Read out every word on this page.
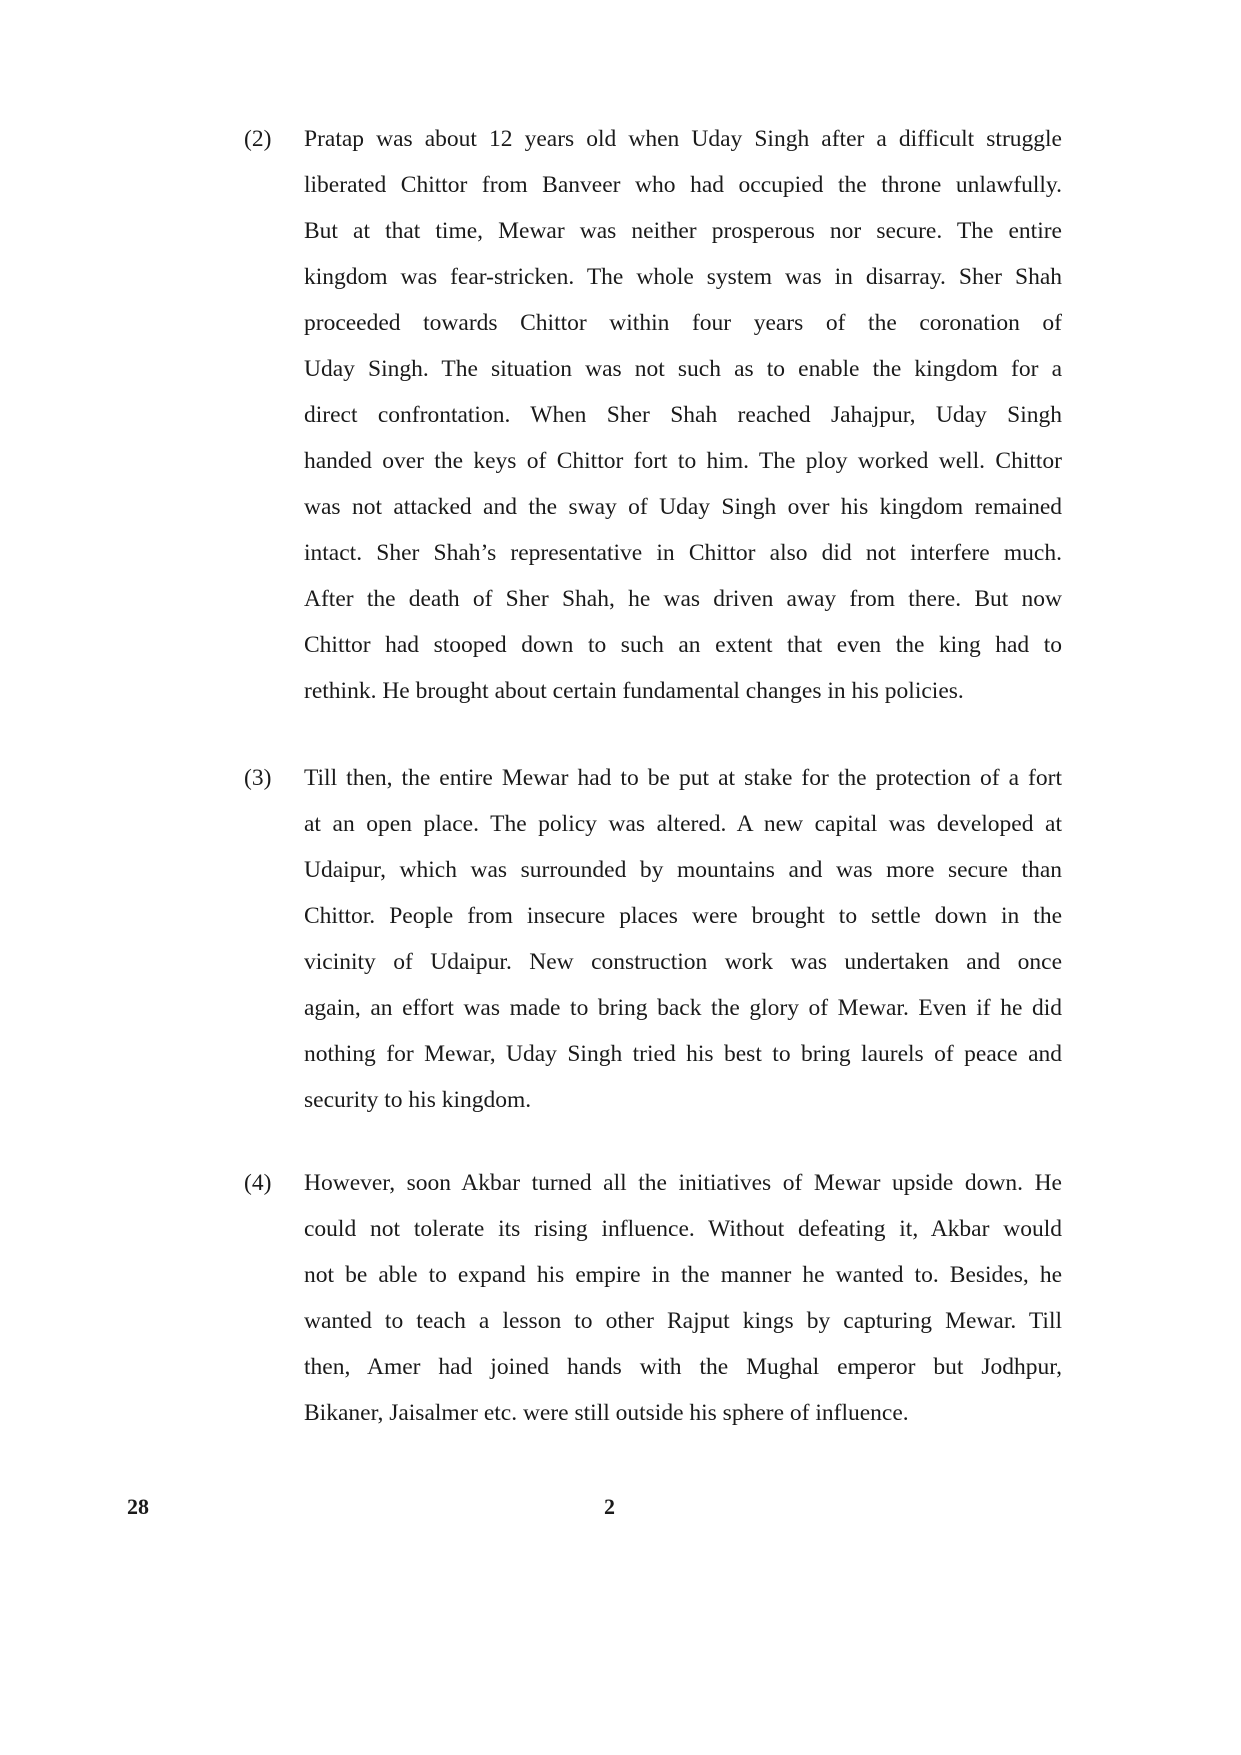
(2) Pratap was about 12 years old when Uday Singh after a difficult struggle
liberated Chittor from Banveer who had occupied the throne unlawfully.
But at that time, Mewar was neither prosperous nor secure. The entire
kingdom was fear-stricken. The whole system was in disarray. Sher Shah
proceeded towards Chittor within four years of the coronation of
Uday Singh. The situation was not such as to enable the kingdom for a
direct confrontation. When Sher Shah reached Jahajpur, Uday Singh
handed over the keys of Chittor fort to him. The ploy worked well. Chittor
was not attacked and the sway of Uday Singh over his kingdom remained
intact. Sher Shah’s representative in Chittor also did not interfere much.
After the death of Sher Shah, he was driven away from there. But now
Chittor had stooped down to such an extent that even the king had to
rethink. He brought about certain fundamental changes in his policies.
(3) Till then, the entire Mewar had to be put at stake for the protection of a fort
at an open place. The policy was altered. A new capital was developed at
Udaipur, which was surrounded by mountains and was more secure than
Chittor. People from insecure places were brought to settle down in the
vicinity of Udaipur. New construction work was undertaken and once
again, an effort was made to bring back the glory of Mewar. Even if he did
nothing for Mewar, Uday Singh tried his best to bring laurels of peace and
security to his kingdom.
(4) However, soon Akbar turned all the initiatives of Mewar upside down. He
could not tolerate its rising influence. Without defeating it, Akbar would
not be able to expand his empire in the manner he wanted to. Besides, he
wanted to teach a lesson to other Rajput kings by capturing Mewar. Till
then, Amer had joined hands with the Mughal emperor but Jodhpur,
Bikaner, Jaisalmer etc. were still outside his sphere of influence.
28	2
